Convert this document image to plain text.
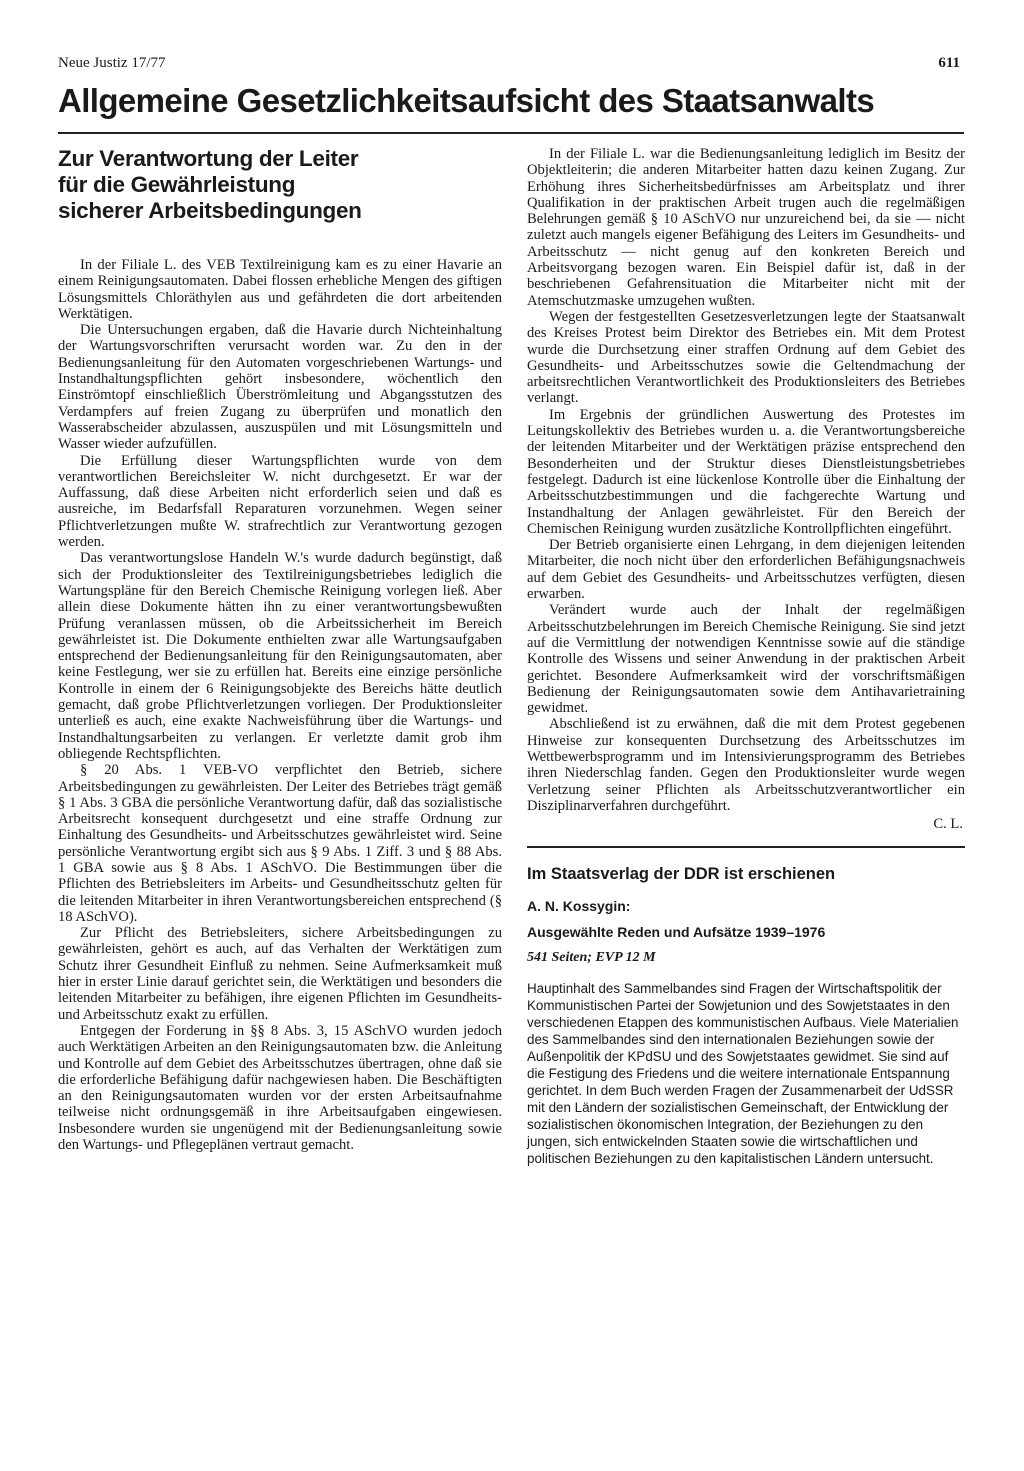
Neue Justiz 17/77	611
Allgemeine Gesetzlichkeitsaufsicht des Staatsanwalts
Zur Verantwortung der Leiter
für die Gewährleistung
sicherer Arbeitsbedingungen

In der Filiale L. des VEB Textilreinigung kam es zu einer Havarie an einem Reinigungsautomaten. Dabei flossen erhebliche Mengen des giftigen Lösungsmittels Chloräthylen aus und gefährdeten die dort arbeitenden Werktätigen.

Die Untersuchungen ergaben, daß die Havarie durch Nichteinhaltung der Wartungsvorschriften verursacht worden war. Zu den in der Bedienungsanleitung für den Automaten vorgeschriebenen Wartungs- und Instandhaltungspflichten gehört insbesondere, wöchentlich den Einströmtopf einschließlich Überströmleitung und Abgangsstutzen des Verdampfers auf freien Zugang zu überprüfen und monatlich den Wasserabscheider abzulassen, auszuspülen und mit Lösungsmitteln und Wasser wieder aufzufüllen.

Die Erfüllung dieser Wartungspflichten wurde von dem verantwortlichen Bereichsleiter W. nicht durchgesetzt. Er war der Auffassung, daß diese Arbeiten nicht erforderlich seien und daß es ausreiche, im Bedarfsfall Reparaturen vorzunehmen. Wegen seiner Pflichtverletzungen mußte W. strafrechtlich zur Verantwortung gezogen werden.

Das verantwortungslose Handeln W.'s wurde dadurch begünstigt, daß sich der Produktionsleiter des Textilreinigungsbetriebes lediglich die Wartungspläne für den Bereich Chemische Reinigung vorlegen ließ. Aber allein diese Dokumente hätten ihn zu einer verantwortungsbewußten Prüfung veranlassen müssen, ob die Arbeitssicherheit im Bereich gewährleistet ist. Die Dokumente enthielten zwar alle Wartungsaufgaben entsprechend der Bedienungsanleitung für den Reinigungsautomaten, aber keine Festlegung, wer sie zu erfüllen hat. Bereits eine einzige persönliche Kontrolle in einem der 6 Reinigungsobjekte des Bereichs hätte deutlich gemacht, daß grobe Pflichtverletzungen vorliegen. Der Produktionsleiter unterließ es auch, eine exakte Nachweisführung über die Wartungs- und Instandhaltungsarbeiten zu verlangen. Er verletzte damit grob ihm obliegende Rechtspflichten.

§ 20 Abs. 1 VEB-VO verpflichtet den Betrieb, sichere Arbeitsbedingungen zu gewährleisten. Der Leiter des Betriebes trägt gemäß § 1 Abs. 3 GBA die persönliche Verantwortung dafür, daß das sozialistische Arbeitsrecht konsequent durchgesetzt und eine straffe Ordnung zur Einhaltung des Gesundheits- und Arbeitsschutzes gewährleistet wird. Seine persönliche Verantwortung ergibt sich aus § 9 Abs. 1 Ziff. 3 und § 88 Abs. 1 GBA sowie aus § 8 Abs. 1 ASchVO. Die Bestimmungen über die Pflichten des Betriebsleiters im Arbeits- und Gesundheitsschutz gelten für die leitenden Mitarbeiter in ihren Verantwortungsbereichen entsprechend (§ 18 ASchVO).

Zur Pflicht des Betriebsleiters, sichere Arbeitsbedingungen zu gewährleisten, gehört es auch, auf das Verhalten der Werktätigen zum Schutz ihrer Gesundheit Einfluß zu nehmen. Seine Aufmerksamkeit muß hier in erster Linie darauf gerichtet sein, die Werktätigen und besonders die leitenden Mitarbeiter zu befähigen, ihre eigenen Pflichten im Gesundheits- und Arbeitsschutz exakt zu erfüllen.

Entgegen der Forderung in §§ 8 Abs. 3, 15 ASchVO wurden jedoch auch Werktätigen Arbeiten an den Reinigungsautomaten bzw. die Anleitung und Kontrolle auf dem Gebiet des Arbeitsschutzes übertragen, ohne daß sie die erforderliche Befähigung dafür nachgewiesen haben. Die Beschäftigten an den Reinigungsautomaten wurden vor der ersten Arbeitsaufnahme teilweise nicht ordnungsgemäß in ihre Arbeitsaufgaben eingewiesen. Insbesondere wurden sie ungenügend mit der Bedienungsanleitung sowie den Wartungs- und Pflegeplänen vertraut gemacht.

In der Filiale L. war die Bedienungsanleitung lediglich im Besitz der Objektleiterin; die anderen Mitarbeiter hatten dazu keinen Zugang. Zur Erhöhung ihres Sicherheitsbedürfnisses am Arbeitsplatz und ihrer Qualifikation in der praktischen Arbeit trugen auch die regelmäßigen Belehrungen gemäß § 10 ASchVO nur unzureichend bei, da sie — nicht zuletzt auch mangels eigener Befähigung des Leiters im Gesundheits- und Arbeitsschutz — nicht genug auf den konkreten Bereich und Arbeitsvorgang bezogen waren. Ein Beispiel dafür ist, daß in der beschriebenen Gefahrensituation die Mitarbeiter nicht mit der Atemschutzmaske umzugehen wußten.

Wegen der festgestellten Gesetzesverletzungen legte der Staatsanwalt des Kreises Protest beim Direktor des Betriebes ein. Mit dem Protest wurde die Durchsetzung einer straffen Ordnung auf dem Gebiet des Gesundheits- und Arbeitsschutzes sowie die Geltendmachung der arbeitsrechtlichen Verantwortlichkeit des Produktionsleiters des Betriebes verlangt.

Im Ergebnis der gründlichen Auswertung des Protestes im Leitungskollektiv des Betriebes wurden u. a. die Verantwortungsbereiche der leitenden Mitarbeiter und der Werktätigen präzise entsprechend den Besonderheiten und der Struktur dieses Dienstleistungsbetriebes festgelegt. Dadurch ist eine lückenlose Kontrolle über die Einhaltung der Arbeitsschutzbestimmungen und die fachgerechte Wartung und Instandhaltung der Anlagen gewährleistet. Für den Bereich der Chemischen Reinigung wurden zusätzliche Kontrollpflichten eingeführt.

Der Betrieb organisierte einen Lehrgang, in dem diejenigen leitenden Mitarbeiter, die noch nicht über den erforderlichen Befähigungsnachweis auf dem Gebiet des Gesundheits- und Arbeitsschutzes verfügten, diesen erwarben.

Verändert wurde auch der Inhalt der regelmäßigen Arbeitsschutzbelehrungen im Bereich Chemische Reinigung. Sie sind jetzt auf die Vermittlung der notwendigen Kenntnisse sowie auf die ständige Kontrolle des Wissens und seiner Anwendung in der praktischen Arbeit gerichtet. Besondere Aufmerksamkeit wird der vorschriftsmäßigen Bedienung der Reinigungsautomaten sowie dem Antihavarietraining gewidmet.

Abschließend ist zu erwähnen, daß die mit dem Protest gegebenen Hinweise zur konsequenten Durchsetzung des Arbeitsschutzes im Wettbewerbsprogramm und im Intensivierungsprogramm des Betriebes ihren Niederschlag fanden. Gegen den Produktionsleiter wurde wegen Verletzung seiner Pflichten als Arbeitsschutzverantwortlicher ein Disziplinarverfahren durchgeführt.

C. L.
Im Staatsverlag der DDR ist erschienen
A. N. Kossygin:
Ausgewählte Reden und Aufsätze 1939–1976
541 Seiten; EVP 12 M
Hauptinhalt des Sammelbandes sind Fragen der Wirtschaftspolitik der Kommunistischen Partei der Sowjetunion und des Sowjetstaates in den verschiedenen Etappen des kommunistischen Aufbaus. Viele Materialien des Sammelbandes sind den internationalen Beziehungen sowie der Außenpolitik der KPdSU und des Sowjetstaates gewidmet. Sie sind auf die Festigung des Friedens und die weitere internationale Entspannung gerichtet. In dem Buch werden Fragen der Zusammenarbeit der UdSSR mit den Ländern der sozialistischen Gemeinschaft, der Entwicklung der sozialistischen ökonomischen Integration, der Beziehungen zu den jungen, sich entwickelnden Staaten sowie die wirtschaftlichen und politischen Beziehungen zu den kapitalistischen Ländern untersucht.
